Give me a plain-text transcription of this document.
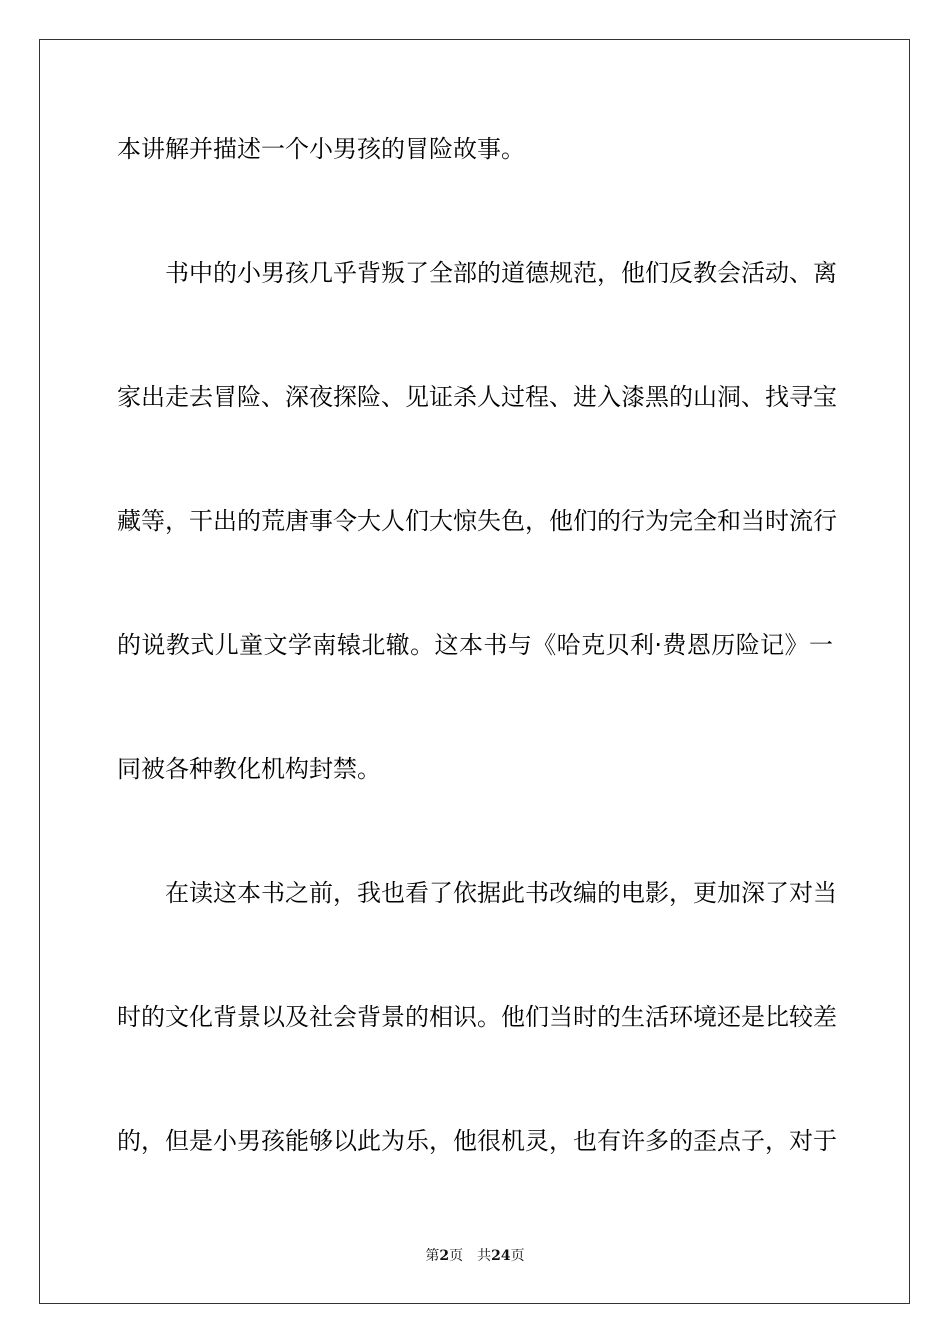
本讲解并描述一个小男孩的冒险故事。
书中的小男孩几乎背叛了全部的道德规范，他们反教会活动、离
家出走去冒险、深夜探险、见证杀人过程、进入漆黑的山洞、找寻宝
藏等，干出的荒唐事令大人们大惊失色，他们的行为完全和当时流行
的说教式儿童文学南辕北辙。这本书与《哈克贝利·费恩历险记》一
同被各种教化机构封禁。
在读这本书之前，我也看了依据此书改编的电影，更加深了对当
时的文化背景以及社会背景的相识。他们当时的生活环境还是比较差
的，但是小男孩能够以此为乐，他很机灵，也有许多的歪点子，对于
第2页 共24页
